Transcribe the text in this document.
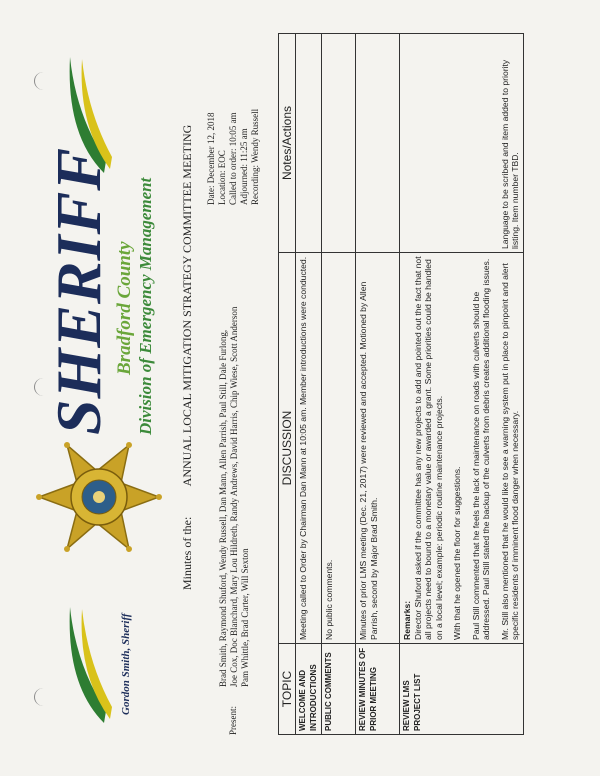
Gordon Smith, Sheriff
SHERIFF Bradford County Division of Emergency Management
Minutes of the: ANNUAL LOCAL MITIGATION STRATEGY COMMITTEE MEETING
Present:
Brad Smith, Raymond Shuford, Wendy Russell, Dan Mann, Allen Parrish, Paul Still, Dale Furlong, Joe Cox, Doc Blanchard, Mary Lou Hildreth, Randy Andrews, David Harris, Chip Wiese, Scott Anderson Pam Whittle, Brad Carter, Will Sexton
Date: December 12, 2018 Location: EOC Called to order: 10:05 am Adjourned: 11:25 am Recording: Wendy Russell
TOPIC	DISCUSSION	Notes/Actions
WELCOME AND INTRODUCTIONS	Meeting called to Order by Chairman Dan Mann at 10:05 am. Member introductions were conducted.	

PUBLIC COMMENTS	No public comments.	

REVIEW MINUTES OF PRIOR MEETING	Minutes of prior LMS meeting (Dec. 21, 2017) were reviewed and accepted. Motioned by Allen Parrish, second by Major Brad Smith.	

REVIEW LMS PROJECT LIST	Remarks: Director Shuford asked if the committee has any new projects to add and pointed out the fact that not all projects need to bound to a monetary value or awarded a grant. Some priorities could be handled on a local level; example: periodic routine maintenance projects. With that he opened the floor for suggestions. Paul Still commented that he feels the lack of maintenance on roads with culverts should be addressed. Paul Still stated the backup of the culverts from debris creates additional flooding issues. Mr. Still also mentioned that he would like to see a warning system put in place to pinpoint and alert specific residents of imminent flood danger when necessary.	Language to be scribed and item added to priority listing. Item number TBD.
